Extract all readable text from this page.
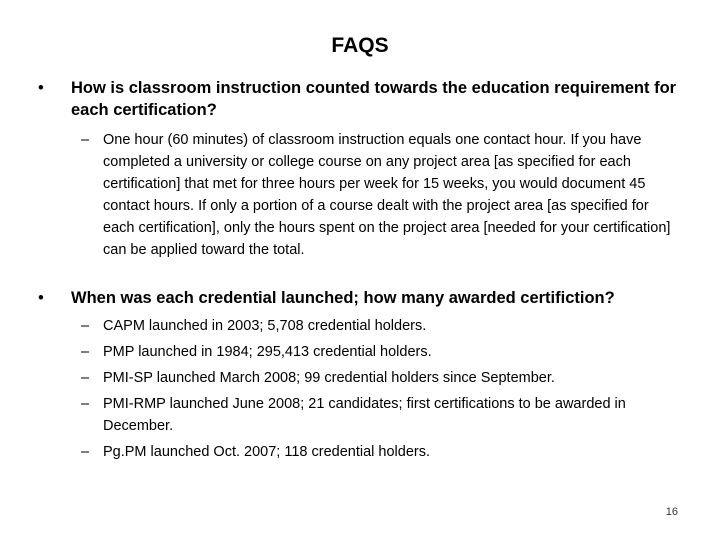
FAQS
• How is classroom instruction counted towards the education requirement for each certification?
– One hour (60 minutes) of classroom instruction equals one contact hour. If you have completed a university or college course on any project area [as specified for each certification] that met for three hours per week for 15 weeks, you would document 45 contact hours. If only a portion of a course dealt with the project area [as specified for each certification], only the hours spent on the project area [needed for your certification] can be applied toward the total.
• When was each credential launched; how many awarded certifiction?
– CAPM launched in 2003; 5,708 credential holders.
– PMP launched in 1984; 295,413 credential holders.
– PMI-SP launched March 2008; 99 credential holders since September.
– PMI-RMP launched June 2008; 21 candidates; first certifications to be awarded in December.
– Pg.PM launched Oct. 2007; 118 credential holders.
16
